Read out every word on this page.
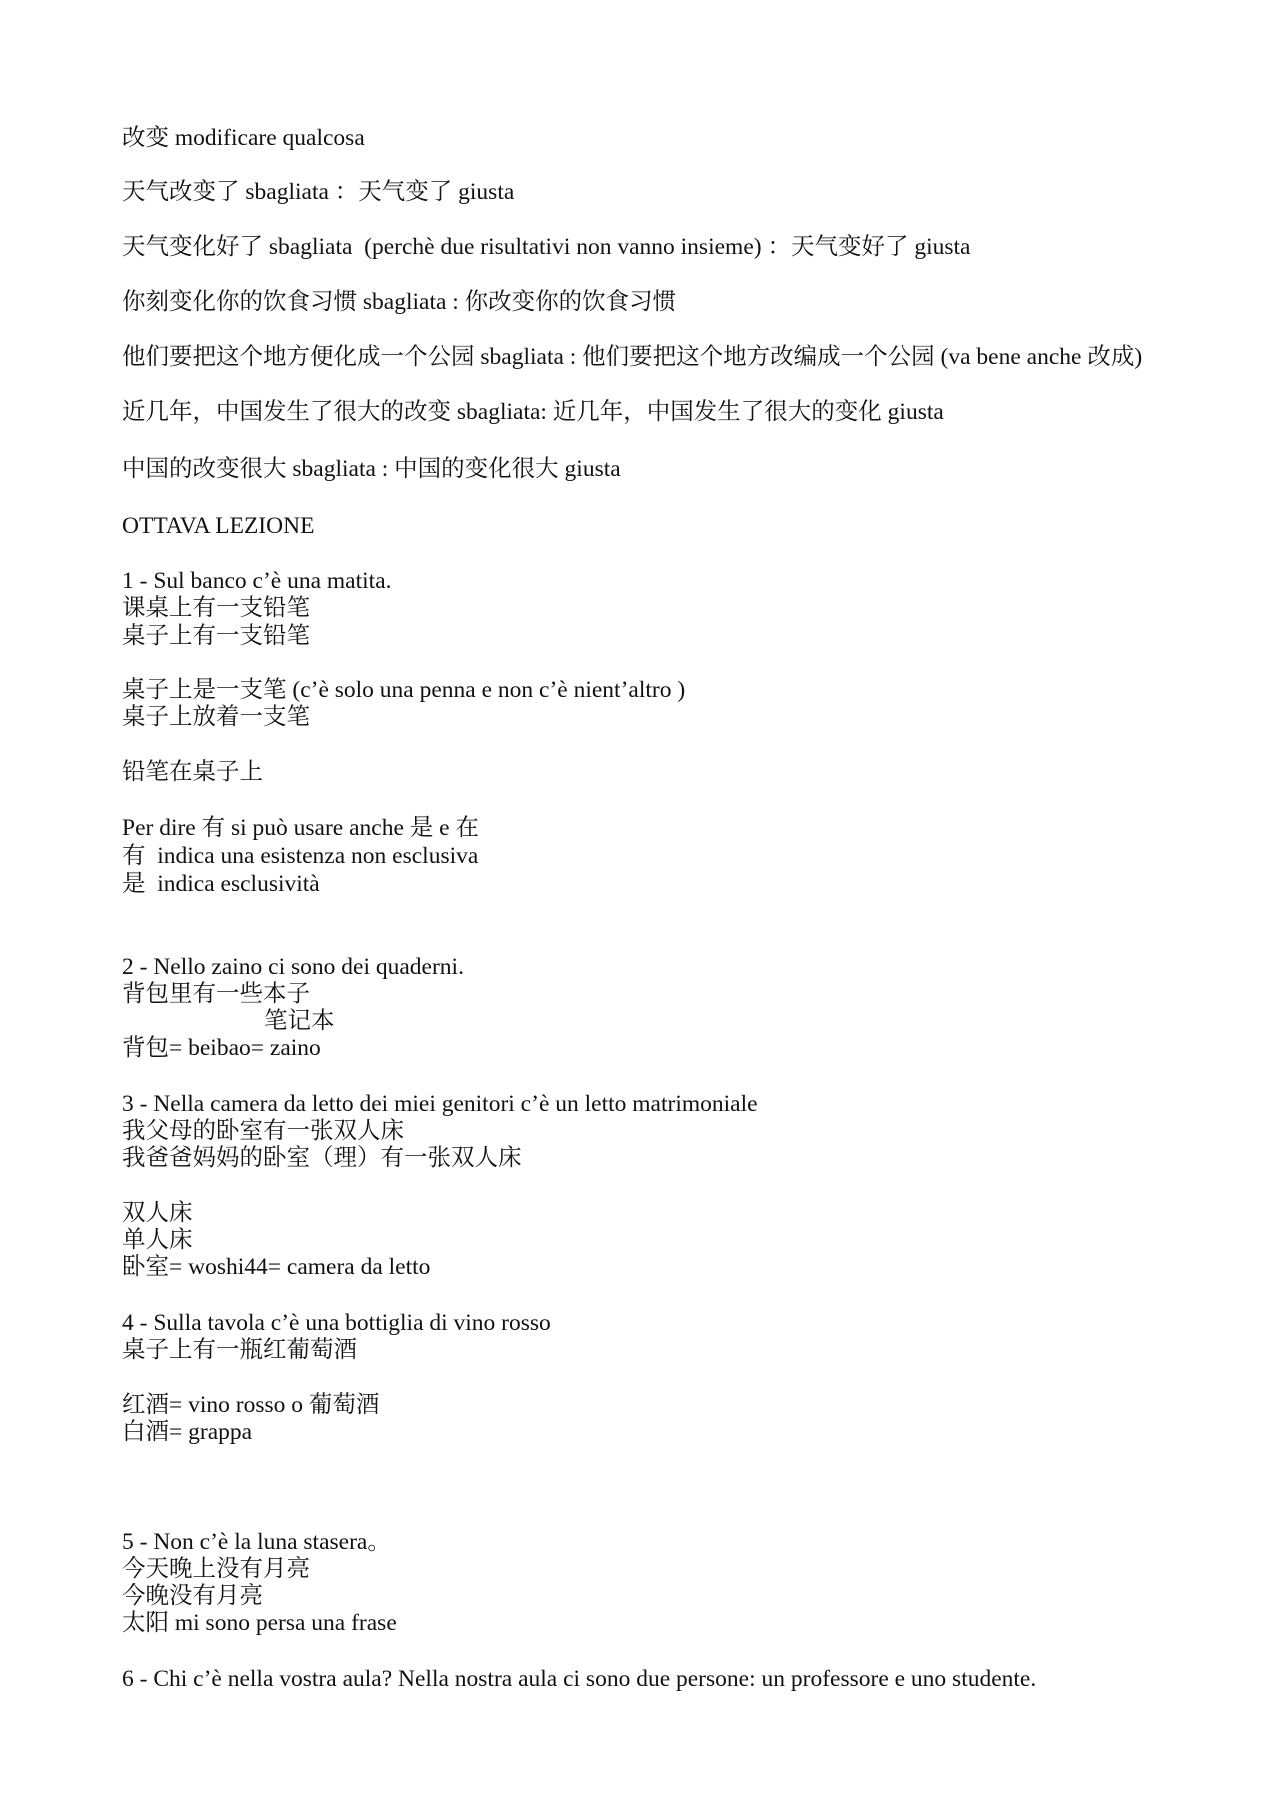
改变 modificare qualcosa
天气改变了 sbagliata ：天气变了 giusta
天气变化好了 sbagliata  (perchè due risultativi non vanno insieme) ：天气变好了 giusta
你刻变化你的饮食习惯 sbagliata : 你改变你的饮食习惯
他们要把这个地方便化成一个公园 sbagliata : 他们要把这个地方改编成一个公园 (va bene anche 改成)
近几年，中国发生了很大的改变 sbagliata: 近几年，中国发生了很大的变化 giusta
中国的改变很大 sbagliata : 中国的变化很大 giusta
OTTAVA LEZIONE
1 - Sul banco c’è una matita.
课桌上有一支铅笔
桌子上有一支铅笔
桌子上是一支笔 (c’è solo una penna e non c’è nient’altro )
桌子上放着一支笔
铅笔在桌子上
Per dire 有 si può usare anche 是 e 在
有  indica una esistenza non esclusiva
是  indica esclusività
2 - Nello zaino ci sono dei quaderni.
背包里有一些本子
笔记本
背包= beibao= zaino
3 - Nella camera da letto dei miei genitori c’è un letto matrimoniale
我父母的卧室有一张双人床
我爸爸妈妈的卧室（理）有一张双人床
双人床
单人床
卧室= woshi44= camera da letto
4 - Sulla tavola c’è una bottiglia di vino rosso
桌子上有一瓶红葡萄酒
红酒= vino rosso o 葡萄酒
白酒= grappa
5 - Non c’è la luna stasera。
今天晚上没有月亮
今晚没有月亮
太阳 mi sono persa una frase
6 - Chi c’è nella vostra aula? Nella nostra aula ci sono due persone: un professore e uno studente.
